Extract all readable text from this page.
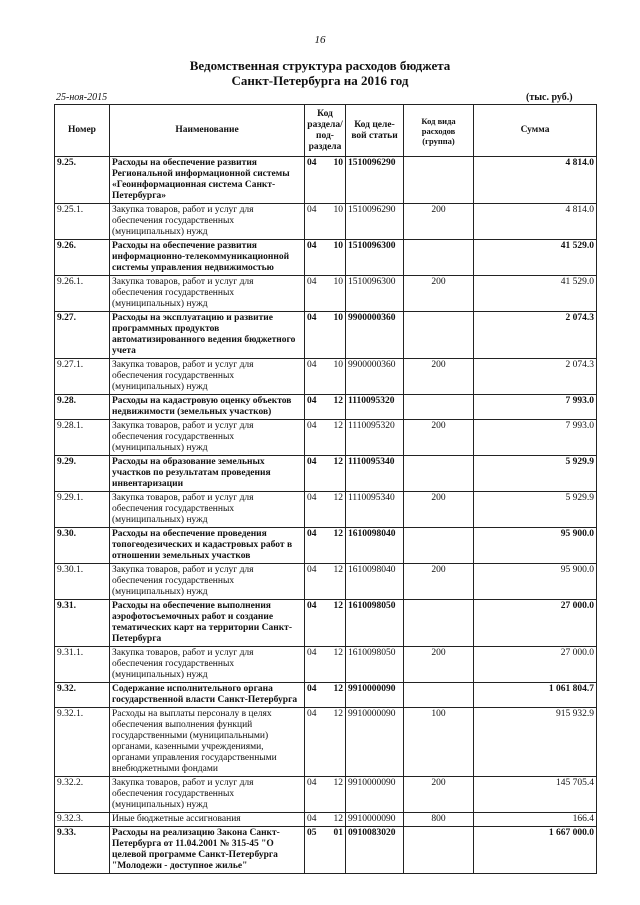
16
Ведомственная структура расходов бюджета
Санкт-Петербурга на 2016 год
25-ноя-2015	(тыс. руб.)
Номер	Наименование	Код раздела/ под-раздела		Код целе-вой статьи	Код вида расходов (группа)	Сумма
9.25.	Расходы на обеспечение развития Региональной информационной системы «Геоинформационная система Санкт-Петербурга»	04	10	1510096290		4 814.0
9.25.1.	Закупка товаров, работ и услуг для обеспечения государственных (муниципальных) нужд	04	10	1510096290	200	4 814.0
9.26.	Расходы на обеспечение развития информационно-телекоммуникационной системы управления недвижимостью	04	10	1510096300		41 529.0
9.26.1.	Закупка товаров, работ и услуг для обеспечения государственных (муниципальных) нужд	04	10	1510096300	200	41 529.0
9.27.	Расходы на эксплуатацию и развитие программных продуктов автоматизированного ведения бюджетного учета	04	10	9900000360		2 074.3
9.27.1.	Закупка товаров, работ и услуг для обеспечения государственных (муниципальных) нужд	04	10	9900000360	200	2 074.3
9.28.	Расходы на кадастровую оценку объектов недвижимости (земельных участков)	04	12	1110095320		7 993.0
9.28.1.	Закупка товаров, работ и услуг для обеспечения государственных (муниципальных) нужд	04	12	1110095320	200	7 993.0
9.29.	Расходы на образование земельных участков по результатам проведения инвентаризации	04	12	1110095340		5 929.9
9.29.1.	Закупка товаров, работ и услуг для обеспечения государственных (муниципальных) нужд	04	12	1110095340	200	5 929.9
9.30.	Расходы на обеспечение проведения топогеодезических и кадастровых работ в отношении земельных участков	04	12	1610098040		95 900.0
9.30.1.	Закупка товаров, работ и услуг для обеспечения государственных (муниципальных) нужд	04	12	1610098040	200	95 900.0
9.31.	Расходы на обеспечение выполнения аэрофотосъемочных работ и создание тематических карт на территории Санкт-Петербурга	04	12	1610098050		27 000.0
9.31.1.	Закупка товаров, работ и услуг для обеспечения государственных (муниципальных) нужд	04	12	1610098050	200	27 000.0
9.32.	Содержание исполнительного органа государственной власти Санкт-Петербурга	04	12	9910000090		1 061 804.7
9.32.1.	Расходы на выплаты персоналу в целях обеспечения выполнения функций государственными (муниципальными) органами, казенными учреждениями, органами управления государственными внебюджетными фондами	04	12	9910000090	100	915 932.9
9.32.2.	Закупка товаров, работ и услуг для обеспечения государственных (муниципальных) нужд	04	12	9910000090	200	145 705.4
9.32.3.	Иные бюджетные ассигнования	04	12	9910000090	800	166.4
9.33.	Расходы на реализацию Закона Санкт-Петербурга от 11.04.2001 № 315-45 "О целевой программе Санкт-Петербурга "Молодежи - доступное жилье"	05	01	0910083020		1 667 000.0
